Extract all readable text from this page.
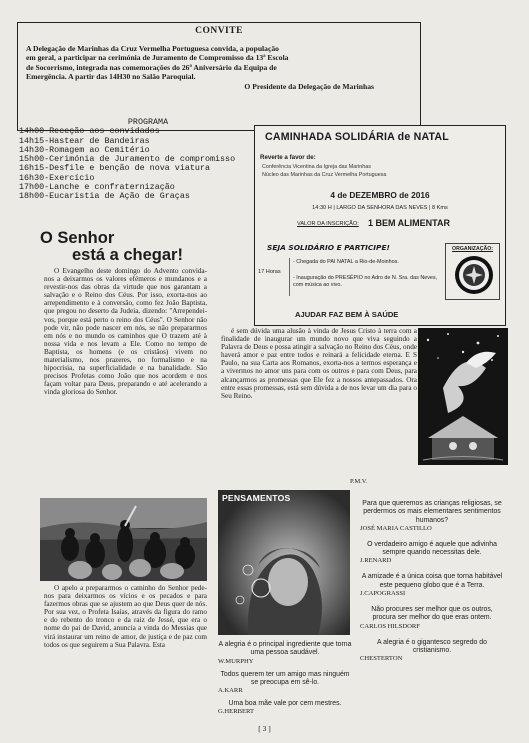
CONVITE
A Delegação de Marinhas da Cruz Vermelha Portuguesa convida, a população
em geral, a participar na cerimónia de Juramento de Compromisso da 13ª Escola
de Socorrismo, integrada nas comemorações do 26º Aniversário da Equipa de
Emergência. A partir das 14H30 no Salão Paroquial.
O Presidente da Delegação de Marinhas
PROGRAMA
14h00-Receção aos convidados
14h15-Hastear de Bandeiras
14h30-Romagem ao Cemitério
15h00-Cerimónia de Juramento de compromisso
16h15-Desfile e benção de nova viatura
16h30-Exercício
17h00-Lanche e confraternização
18h00-Eucaristia de Ação de Graças
CAMINHADA SOLIDÁRIA de NATAL
Reverte a favor de:
Conferência Vicentina da Igreja das Marinhas
Núcleo das Marinhas da Cruz Vermelha Portuguesa
4 de DEZEMBRO de 2016
14:30 H | LARGO DA SENHORA DAS NEVES | 8 Kms
VALOR DA INSCRIÇÃO: 1 BEM ALIMENTAR
SEJA SOLIDÁRIO E PARTICIPE!
17 Horas
- Chegada do PAI NATAL a Rio-de-Moinhos.
- Inauguração do PRESÉPIO no Adro de N. Sra. das Neves, com música ao vivo.
ORGANIZAÇÃO:
AJUDAR FAZ BEM À SAÚDE
O Senhor
está a chegar!
O Evangelho deste domingo do Advento convida-nos a deixarmos os valores efémeros e mundanos e a revestir-nos das obras da virtude que nos garantam a salvação e o Reino dos Céus. Por isso, exorta-nos ao arrependimento e à conversão, como fez João Baptista, que pregou no deserto da Judeia, dizendo: "Arrependei-vos, porque está perto o reino dos Céus". O Senhor não pode vir, não pode nascer em nós, se não prepararmos em nós e no mundo os caminhos que O trazem até à nossa vida e nos levam a Ele. Como no tempo de Baptista, os homens (e os cristãos) vivem no materialismo, nos prazeres, no formalismo e na hipocrisia, na superficialidade e na banalidade. São precisos Profetas como João que nos acordem e nos façam voltar para Deus, preparando e até acelerando a vinda gloriosa do Senhor.
O apelo a prepararmos o caminho do Senhor pede-nos para deixarmos os vícios e os pecados e para fazermos obras que se ajustem ao que Deus quer de nós. Por sua vez, o Profeta Isaías, através da figura do ramo e do rebento do tronco e da raiz de Jessé, que era o nome do pai de David, anuncia a vinda do Messias que virá instaurar um reino de amor, de justiça e de paz com todos os que seguirem a Sua Palavra. Esta
é sem dúvida uma alusão à vinda de Jesus Cristo à terra com a finalidade de inaugurar um mundo novo que viva seguindo a Palavra de Deus e possa atingir a salvação no Reino dos Céus, onde haverá amor e paz entre todos e reinará a felicidade eterna. E S Paulo, na sua Carta aos Romanos, exorta-nos a termos esperança e a vivermos no amor uns para com os outros e para com Deus, para alcançarmos as promessas que Ele fez a nossos antepassados. Ora entre essas promessas, está sem dúvida a de nos levar um dia para o Seu Reino.
P.M.V.
PENSAMENTOS
A alegria é o principal ingrediente que torna uma pessoa saudável.
W.MURPHY
Todos querem ter um amigo mas ninguém se preocupa em sê-lo.
A.KARR
Uma boa mãe vale por cem mestres.
G.HERBERT
Para que queremos as crianças religiosas, se perdermos os mais elementares sentimentos humanos?
JOSÉ MARIA CASTILLO
O verdadeiro amigo é aquele que adivinha sempre quando necessitas dele.
J.RENARD
A amizade é a única coisa que torna habitável este pequeno globo que é a Terra.
J.CAPOGRASSI
Não procures ser melhor que os outros, procura ser melhor do que eras ontem.
CARLOS HILSDORF
A alegria é o gigantesco segredo do cristianismo.
CHESTERTON
[ 3 ]
